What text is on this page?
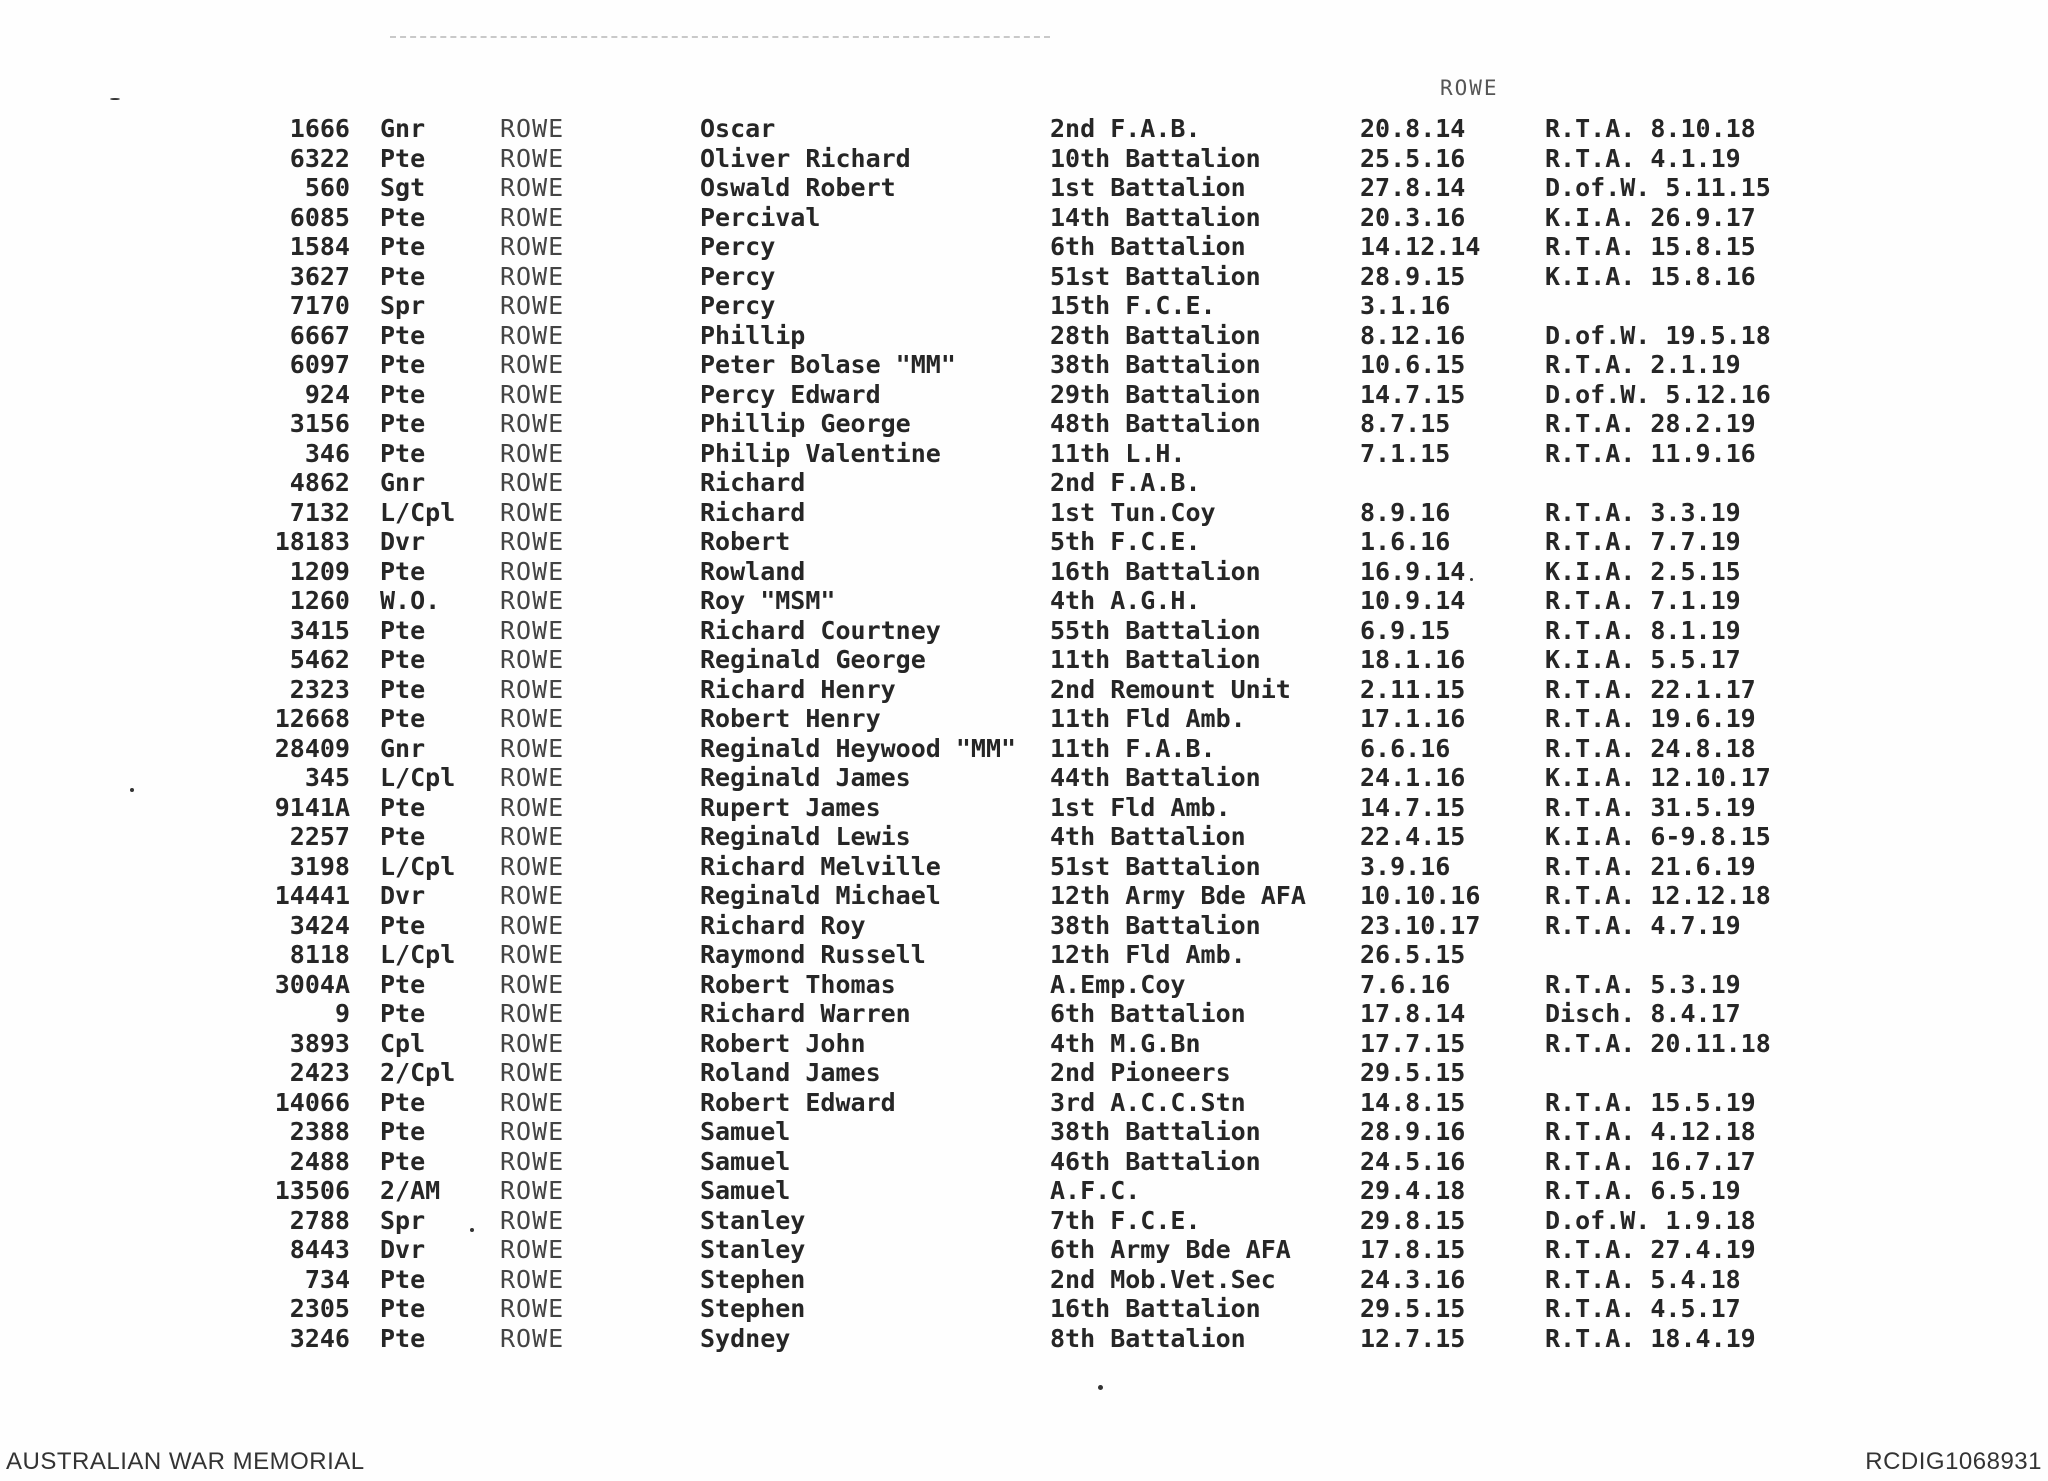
ROWE
1666 Gnr	ROWE	Oscar	2nd F.A.B.	20.8.14	R.T.A. 8.10.18
6322 Pte	ROWE	Oliver Richard	10th Battalion	25.5.16	R.T.A. 4.1.19
560 Sgt	ROWE	Oswald Robert	1st Battalion	27.8.14	D.of.W. 5.11.15
6085 Pte	ROWE	Percival	14th Battalion	20.3.16	K.I.A. 26.9.17
1584 Pte	ROWE	Percy	6th Battalion	14.12.14	R.T.A. 15.8.15
3627 Pte	ROWE	Percy	51st Battalion	28.9.15	K.I.A. 15.8.16
7170 Spr	ROWE	Percy	15th F.C.E.	3.1.16
6667 Pte	ROWE	Phillip	28th Battalion	8.12.16	D.of.W. 19.5.18
6097 Pte	ROWE	Peter Bolase "MM"	38th Battalion	10.6.15	R.T.A. 2.1.19
924 Pte	ROWE	Percy Edward	29th Battalion	14.7.15	D.of.W. 5.12.16
3156 Pte	ROWE	Phillip George	48th Battalion	8.7.15	R.T.A. 28.2.19
346 Pte	ROWE	Philip Valentine	11th L.H.	7.1.15	R.T.A. 11.9.16
4862 Gnr	ROWE	Richard	2nd F.A.B.
7132 L/Cpl ROWE	Richard	1st Tun.Coy	8.9.16	R.T.A. 3.3.19
18183 Dvr	ROWE	Robert	5th F.C.E.	1.6.16	R.T.A. 7.7.19
1209 Pte	ROWE	Rowland	16th Battalion	16.9.14	K.I.A. 2.5.15
1260 W.O. ROWE	Roy "MSM"	4th A.G.H.	10.9.14	R.T.A. 7.1.19
3415 Pte	ROWE	Richard Courtney	55th Battalion	6.9.15	R.T.A. 8.1.19
5462 Pte	ROWE	Reginald George	11th Battalion	18.1.16	K.I.A. 5.5.17
2323 Pte	ROWE	Richard Henry	2nd Remount Unit	2.11.15	R.T.A. 22.1.17
12668 Pte	ROWE	Robert Henry	11th Fld Amb.	17.1.16	R.T.A. 19.6.19
28409 Gnr	ROWE	Reginald Heywood "MM" 11th F.A.B.	6.6.16	R.T.A. 24.8.18
345 L/Cpl ROWE	Reginald James	44th Battalion	24.1.16	K.I.A. 12.10.17
9141A Pte	ROWE	Rupert James	1st Fld Amb.	14.7.15	R.T.A. 31.5.19
2257 Pte	ROWE	Reginald Lewis	4th Battalion	22.4.15	K.I.A. 6-9.8.15
3198 L/Cpl ROWE	Richard Melville	51st Battalion	3.9.16	R.T.A. 21.6.19
14441 Dvr	ROWE	Reginald Michael	12th Army Bde AFA 10.10.16	R.T.A. 12.12.18
3424 Pte	ROWE	Richard Roy	38th Battalion	23.10.17	R.T.A. 4.7.19
8118 L/Cpl ROWE	Raymond Russell	12th Fld Amb.	26.5.15
3004A Pte	ROWE	Robert Thomas	A.Emp.Coy	7.6.16	R.T.A. 5.3.19
9 Pte	ROWE	Richard Warren	6th Battalion	17.8.14	Disch. 8.4.17
3893 Cpl	ROWE	Robert John	4th M.G.Bn	17.7.15	R.T.A. 20.11.18
2423 2/Cpl ROWE	Roland James	2nd Pioneers	29.5.15
14066 Pte	ROWE	Robert Edward	3rd A.C.C.Stn	14.8.15	R.T.A. 15.5.19
2388 Pte	ROWE	Samuel	38th Battalion	28.9.16	R.T.A. 4.12.18
2488 Pte	ROWE	Samuel	46th Battalion	24.5.16	R.T.A. 16.7.17
13506 2/AM ROWE	Samuel	A.F.C.	29.4.18	R.T.A. 6.5.19
2788 Spr	ROWE	Stanley	7th F.C.E.	29.8.15	D.of.W. 1.9.18
8443 Dvr	ROWE	Stanley	6th Army Bde AFA	17.8.15	R.T.A. 27.4.19
734 Pte	ROWE	Stephen	2nd Mob.Vet.Sec	24.3.16	R.T.A. 5.4.18
2305 Pte	ROWE	Stephen	16th Battalion	29.5.15	R.T.A. 4.5.17
3246 Pte	ROWE	Sydney	8th Battalion	12.7.15	R.T.A. 18.4.19
AUSTRALIAN WAR MEMORIAL	RCDIG1068931
